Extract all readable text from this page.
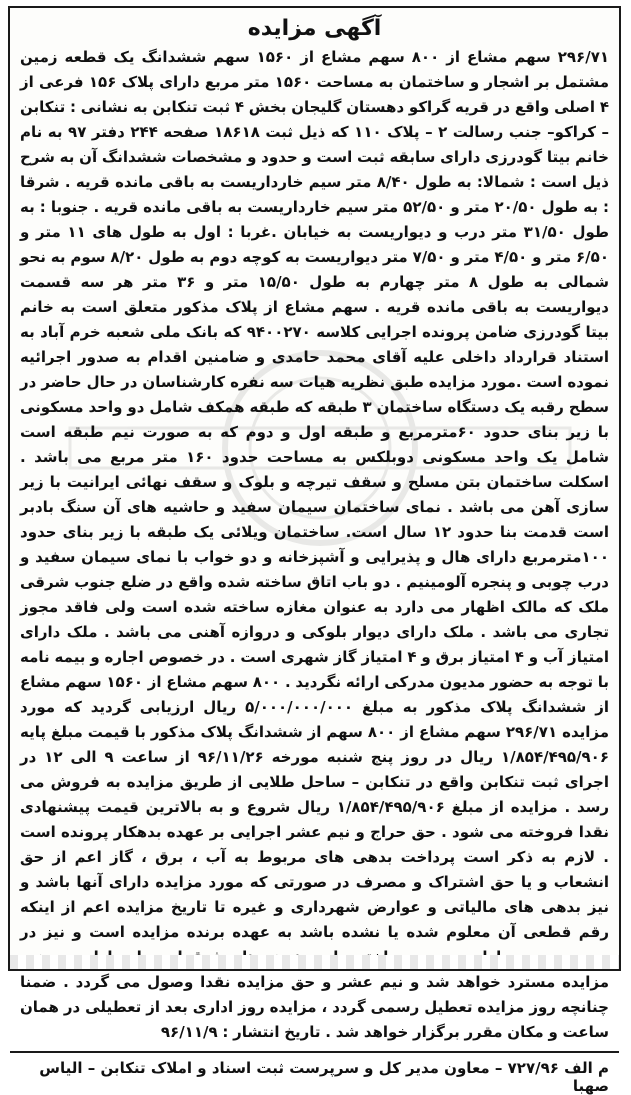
آگهی مزایده

۲۹۶/۷۱ سهم مشاع از ۸۰۰ سهم مشاع از ۱۵۶۰ سهم ششدانگ یک قطعه زمین مشتمل بر اشجار و ساختمان به مساحت ۱۵۶۰ متر مربع دارای پلاک ۱۵۶ فرعی از ۴ اصلی واقع در قریه گراکو دهستان گلیجان بخش ۴ ثبت تنکابن به نشانی : تنکابن – کراکو– جنب رسالت ۲ – پلاک ۱۱۰ که ذیل ثبت ۱۸۶۱۸ صفحه ۲۴۴ دفتر ۹۷ به نام خانم بیتا گودرزی دارای سابقه ثبت است و حدود و مشخصات ششدانگ آن به شرح ذیل است : شمالا: به طول ۸/۴۰ متر سیم خارداریست به باقی مانده قریه . شرقا : به طول ۲۰/۵۰ متر و ۵۲/۵۰ متر سیم خارداریست به باقی مانده قریه . جنوبا : به طول ۳۱/۵۰ متر درب و دیواریست به خیابان .غربا : اول به طول های ۱۱ متر و ۶/۵۰ متر و ۴/۵۰ متر و ۷/۵۰ متر دیواریست به کوچه دوم به طول ۸/۲۰ سوم به نحو شمالی به طول ۸ متر چهارم به طول ۱۵/۵۰ متر و ۳۶ متر هر سه قسمت دیواریست به باقی مانده قریه . سهم مشاع از پلاک مذکور متعلق است به خانم بیتا گودرزی ضامن پرونده اجرایی کلاسه ۹۴۰۰۲۷۰ که بانک ملی شعبه خرم آباد به استناد قرارداد داخلی علیه آقای محمد حامدی و ضامنین اقدام به صدور اجرائیه نموده است .مورد مزایده طبق نظریه هیات سه نفره کارشناسان در حال حاضر در سطح رقبه یک دستگاه ساختمان ۳ طبقه که طبقه همکف شامل دو واحد مسکونی با زیر بنای حدود ۶۰مترمربع و طبقه اول و دوم که به صورت نیم طبقه است شامل یک واحد مسکونی دوبلکس به مساحت حدود ۱۶۰ متر مربع می باشد . اسکلت ساختمان بتن مسلح و سقف تیرچه و بلوک و سقف نهائی ایرانیت با زیر سازی آهن می باشد . نمای ساختمان سیمان سفید و حاشیه های آن سنگ بادبر است قدمت بنا حدود ۱۲ سال است. ساختمان ویلائی یک طبقه با زیر بنای حدود ۱۰۰مترمربع دارای هال و پذیرایی و آشپزخانه و دو خواب با نمای سیمان سفید و درب چوبی و پنجره آلومینیم . دو باب اتاق ساخته شده واقع در ضلع جنوب شرقی ملک که مالک اظهار می دارد به عنوان مغازه ساخته شده است ولی فاقد مجوز تجاری می باشد . ملک دارای دیوار بلوکی و دروازه آهنی می باشد . ملک دارای امتیاز آب و ۴ امتیاز برق و ۴ امتیاز گاز شهری است . در خصوص اجاره و بیمه نامه با توجه به حضور مدیون مدرکی ارائه نگردید . ۸۰۰ سهم مشاع از ۱۵۶۰ سهم مشاع از ششدانگ پلاک مذکور به مبلغ ۵/۰۰۰/۰۰۰/۰۰۰ ریال ارزیابی گردید که مورد مزایده ۲۹۶/۷۱ سهم مشاع از ۸۰۰ سهم از ششدانگ پلاک مذکور با قیمت مبلغ پایه ۱/۸۵۴/۴۹۵/۹۰۶ ریال در روز پنج شنبه مورخه ۹۶/۱۱/۲۶ از ساعت ۹ الی ۱۲ در اجرای ثبت تنکابن واقع در تنکابن – ساحل طلایی از طریق مزایده به فروش می رسد . مزایده از مبلغ ۱/۸۵۴/۴۹۵/۹۰۶ ریال شروع و به بالاترین قیمت پیشنهادی نقدا فروخته می شود . حق حراج و نیم عشر اجرایی بر عهده بدهکار پرونده است . لازم به ذکر است پرداخت بدهی های مربوط به آب ، برق ، گاز اعم از حق انشعاب و یا حق اشتراک و مصرف در صورتی که مورد مزایده دارای آنها باشد و نیز بدهی های مالیاتی و عوارض شهرداری و غیره تا تاریخ مزایده اعم از اینکه رقم قطعی آن معلوم شده یا نشده باشد به عهده برنده مزایده است و نیز در مزایده مسترد خواهد شد و نیم عشر و حق مزایده نقدا وصول می گردد . ضمنا چنانچه روز مزایده تعطیل رسمی گردد ، مزایده روز اداری بعد از تعطیلی در همان ساعت و مکان مقرر برگزار خواهد شد . تاریخ انتشار : ۹۶/۱۱/۹

م الف ۷۲۷/۹۶ – معاون مدیر کل و سرپرست ثبت اسناد و املاک تنکابن – الیاس صهبا
